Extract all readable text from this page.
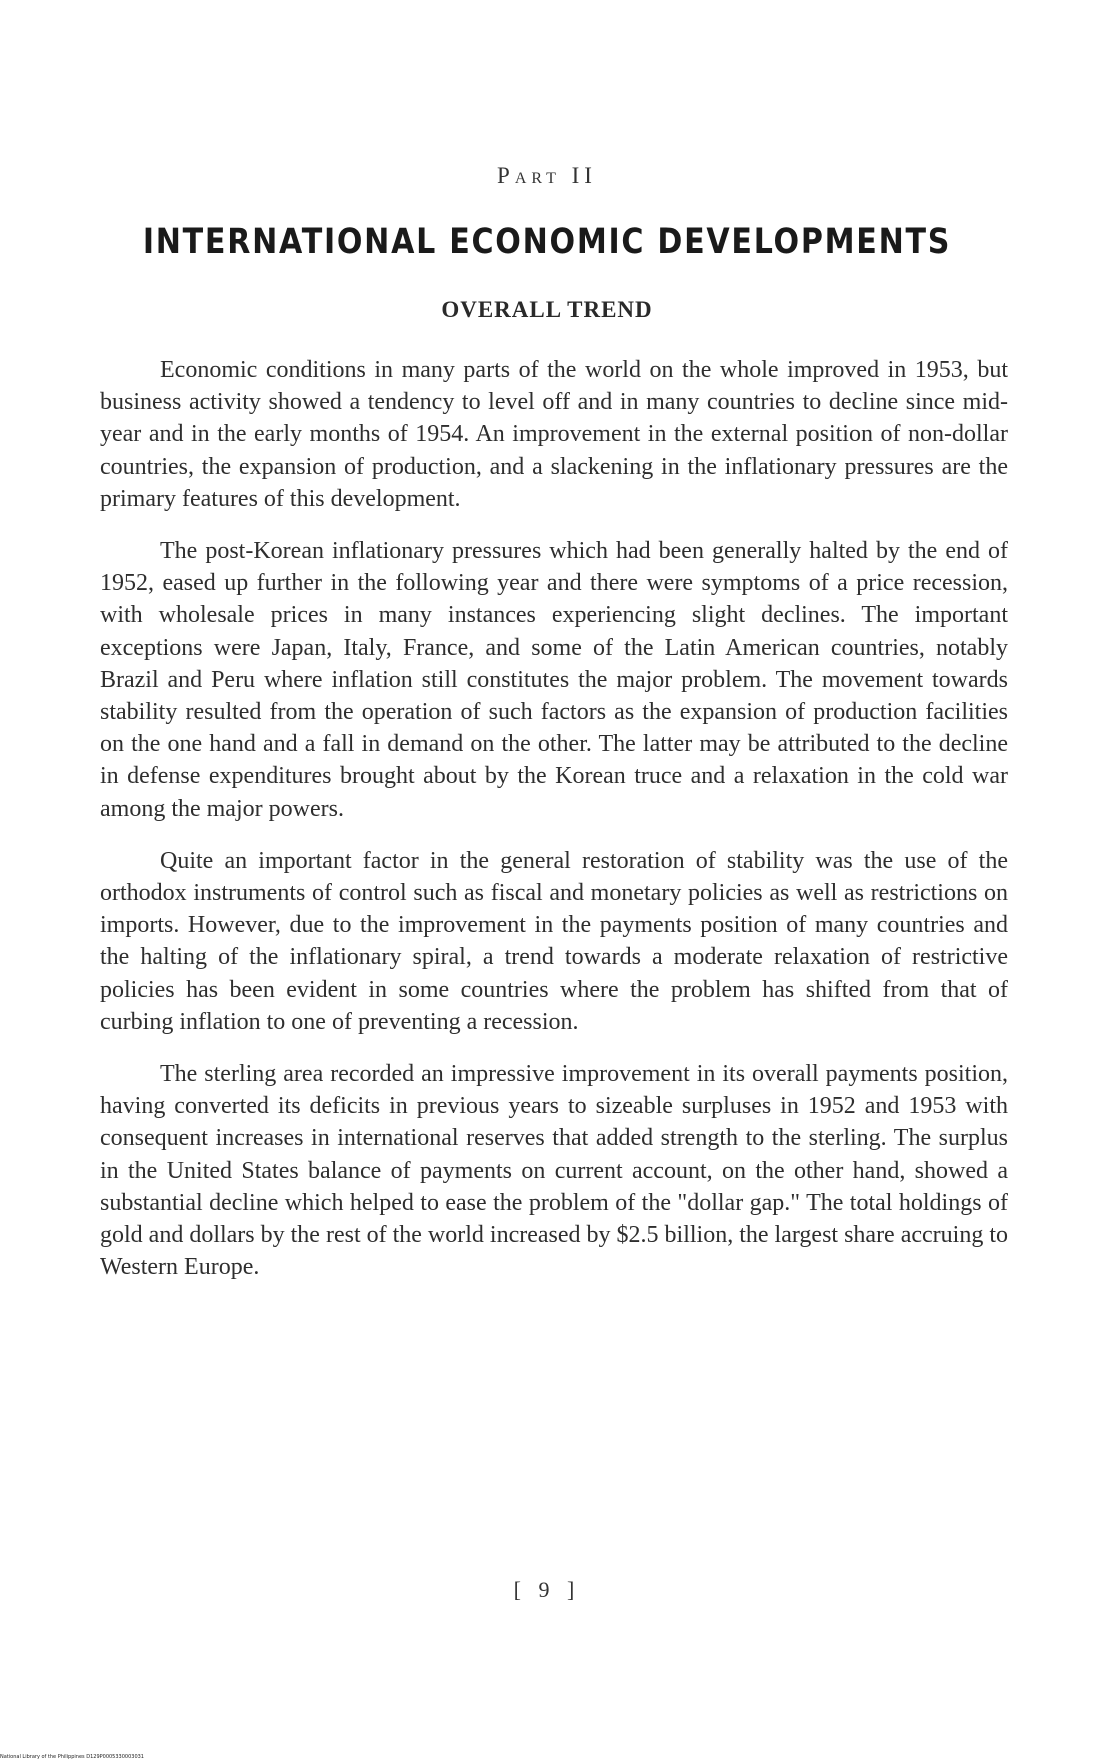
Part II
INTERNATIONAL ECONOMIC DEVELOPMENTS
OVERALL TREND

Economic conditions in many parts of the world on the whole improved in 1953, but business activity showed a tendency to level off and in many countries to decline since mid-year and in the early months of 1954. An improvement in the external position of non-dollar countries, the expansion of production, and a slackening in the inflationary pressures are the primary features of this development.

The post-Korean inflationary pressures which had been generally halted by the end of 1952, eased up further in the following year and there were symptoms of a price recession, with wholesale prices in many instances experiencing slight declines. The important exceptions were Japan, Italy, France, and some of the Latin American countries, notably Brazil and Peru where inflation still constitutes the major problem. The movement towards stability resulted from the operation of such factors as the expansion of production facilities on the one hand and a fall in demand on the other. The latter may be attributed to the decline in defense expenditures brought about by the Korean truce and a relaxation in the cold war among the major powers.

Quite an important factor in the general restoration of stability was the use of the orthodox instruments of control such as fiscal and monetary policies as well as restrictions on imports. However, due to the improvement in the payments position of many countries and the halting of the inflationary spiral, a trend towards a moderate relaxation of restrictive policies has been evident in some countries where the problem has shifted from that of curbing inflation to one of preventing a recession.

The sterling area recorded an impressive improvement in its overall payments position, having converted its deficits in previous years to sizeable surpluses in 1952 and 1953 with consequent increases in international reserves that added strength to the sterling. The surplus in the United States balance of payments on current account, on the other hand, showed a substantial decline which helped to ease the problem of the "dollar gap." The total holdings of gold and dollars by the rest of the world increased by $2.5 billion, the largest share accruing to Western Europe.

[ 9 ]
National Library of the Philippines D129P0005330003031
